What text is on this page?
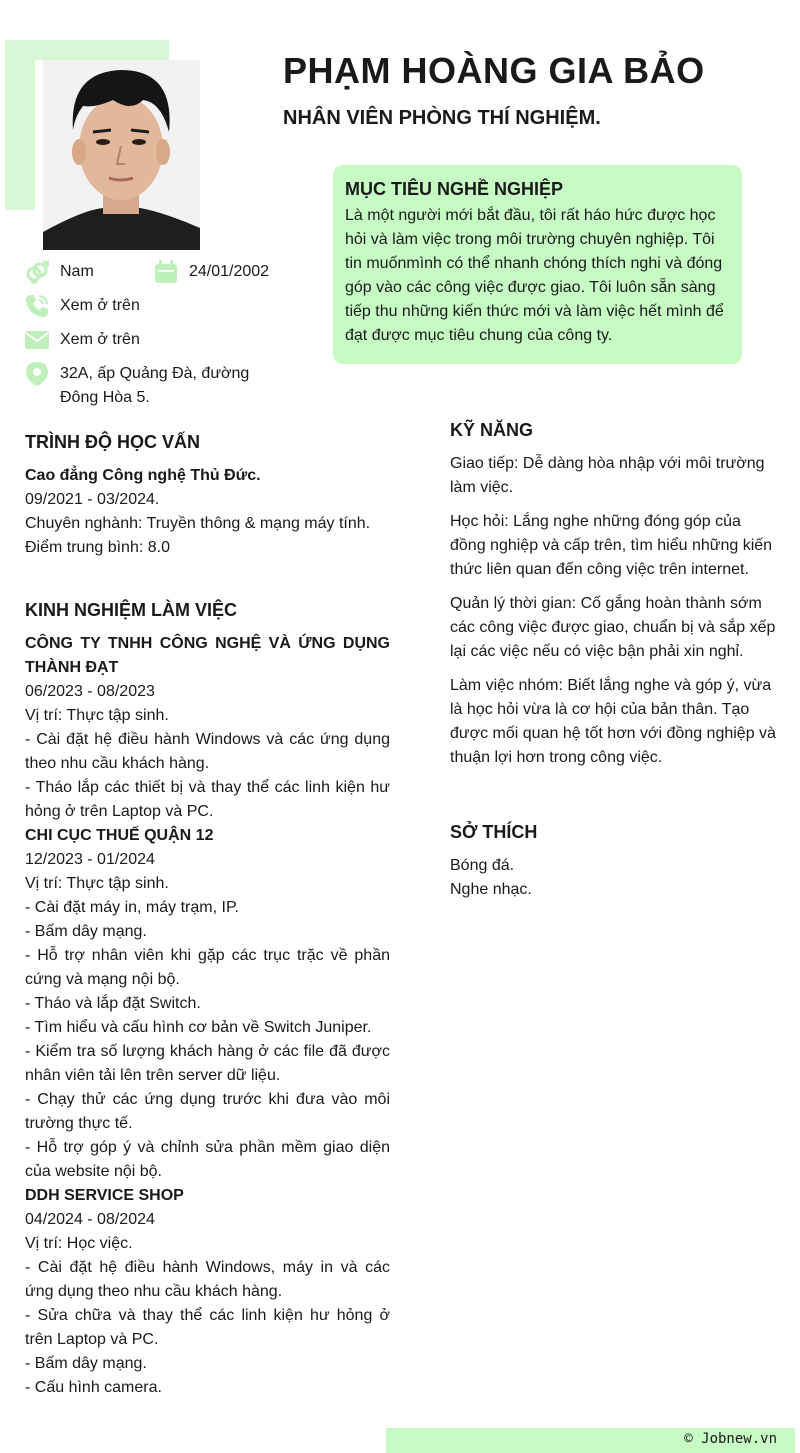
PHẠM HOÀNG GIA BẢO
NHÂN VIÊN PHÒNG THÍ NGHIỆM.
MỤC TIÊU NGHỀ NGHIỆP

Là một người mới bắt đầu, tôi rất háo hức được học hỏi và làm việc trong môi trường chuyên nghiệp. Tôi tin muốnmình có thể nhanh chóng thích nghi và đóng góp vào các công việc được giao. Tôi luôn sẵn sàng tiếp thu những kiến thức mới và làm việc hết mình để đạt được mục tiêu chung của công ty.

Nam	24/01/2002
Xem ở trên
Xem ở trên
32A, ấp Quảng Đà, đường Đông Hòa 5.
TRÌNH ĐỘ HỌC VẤN
Cao đẳng Công nghệ Thủ Đức.
09/2021 - 03/2024.
Chuyên nghành: Truyền thông & mạng máy tính.
Điểm trung bình: 8.0
KINH NGHIỆM LÀM VIỆC
CÔNG TY TNHH CÔNG NGHỆ VÀ ỨNG DỤNG THÀNH ĐẠT
06/2023 - 08/2023
Vị trí: Thực tập sinh.
- Cài đặt hệ điều hành Windows và các ứng dụng theo nhu cầu khách hàng.
- Tháo lắp các thiết bị và thay thể các linh kiện hư hỏng ở trên Laptop và PC.
CHI CỤC THUẾ QUẬN 12
12/2023 - 01/2024
Vị trí: Thực tập sinh.
- Cài đặt máy in, máy trạm, IP.
- Bấm dây mạng.
- Hỗ trợ nhân viên khi gặp các trục trặc về phần cứng và mạng nội bộ.
- Tháo và lắp đặt Switch.
- Tìm hiểu và cấu hình cơ bản về Switch Juniper.
- Kiểm tra số lượng khách hàng ở các file đã được nhân viên tải lên trên server dữ liệu.
- Chạy thử các ứng dụng trước khi đưa vào môi trường thực tế.
- Hỗ trợ góp ý và chỉnh sửa phần mềm giao diện của website nội bộ.
DDH SERVICE SHOP
04/2024 - 08/2024
Vị trí: Học việc.
- Cài đặt hệ điều hành Windows, máy in và các ứng dụng theo nhu cầu khách hàng.
- Sửa chữa và thay thể các linh kiện hư hỏng ở trên Laptop và PC.
- Bấm dây mạng.
- Cấu hình camera.
KỸ NĂNG
Giao tiếp: Dễ dàng hòa nhập với môi trường làm việc.
Học hỏi: Lắng nghe những đóng góp của đồng nghiệp và cấp trên, tìm hiểu những kiến thức liên quan đến công việc trên internet.
Quản lý thời gian: Cố gắng hoàn thành sớm các công việc được giao, chuẩn bị và sắp xếp lại các việc nếu có việc bận phải xin nghỉ.
Làm việc nhóm: Biết lắng nghe và góp ý, vừa là học hỏi vừa là cơ hội của bản thân. Tạo được mối quan hệ tốt hơn với đồng nghiệp và thuận lợi hơn trong công việc.
SỞ THÍCH
Bóng đá.
Nghe nhạc.
© Jobnew.vn
